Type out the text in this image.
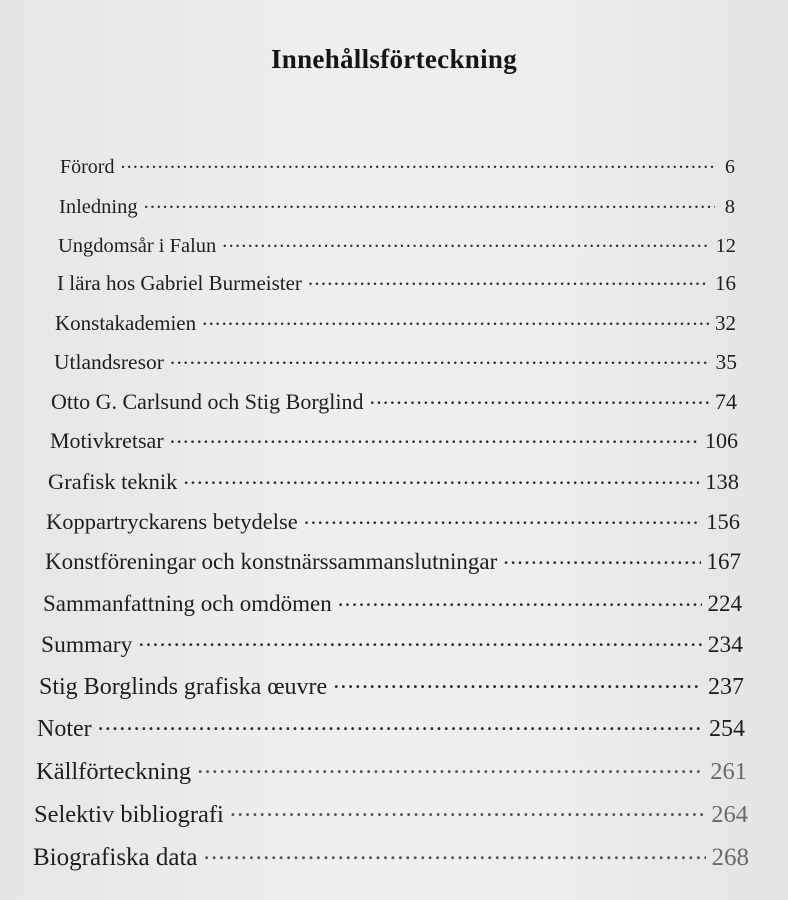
Innehållsförteckning
Förord .....	6
Inledning .....	8
Ungdomsår i Falun .....	12
I lära hos Gabriel Burmeister .....	16
Konstakademien .....	32
Utlandsresor .....	35
Otto G. Carlsund och Stig Borglind .....	74
Motivkretsar .....	106
Grafisk teknik .....	138
Koppartryckarens betydelse .....	156
Konstföreningar och konstnärssammanslutningar .....	167
Sammanfattning och omdömen .....	224
Summary .....	234
Stig Borglinds grafiska œuvre .....	237
Noter .....	254
Källförteckning .....	261
Selektiv bibliografi .....	264
Biografiska data .....	268
